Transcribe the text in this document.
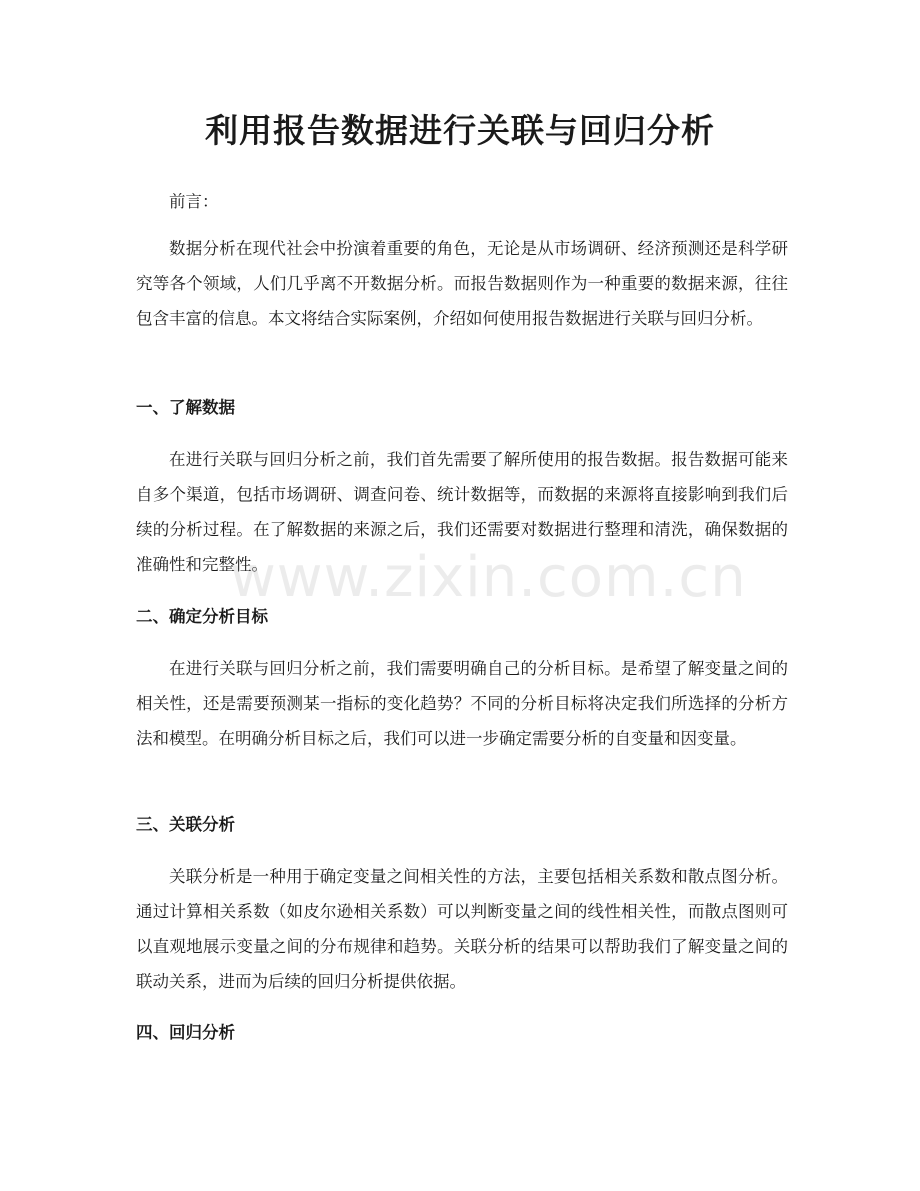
利用报告数据进行关联与回归分析

前言：

数据分析在现代社会中扮演着重要的角色，无论是从市场调研、经济预测还是科学研究等各个领域，人们几乎离不开数据分析。而报告数据则作为一种重要的数据来源，往往包含丰富的信息。本文将结合实际案例，介绍如何使用报告数据进行关联与回归分析。

一、了解数据

在进行关联与回归分析之前，我们首先需要了解所使用的报告数据。报告数据可能来自多个渠道，包括市场调研、调查问卷、统计数据等，而数据的来源将直接影响到我们后续的分析过程。在了解数据的来源之后，我们还需要对数据进行整理和清洗，确保数据的准确性和完整性。

二、确定分析目标

在进行关联与回归分析之前，我们需要明确自己的分析目标。是希望了解变量之间的相关性，还是需要预测某一指标的变化趋势？不同的分析目标将决定我们所选择的分析方法和模型。在明确分析目标之后，我们可以进一步确定需要分析的自变量和因变量。

三、关联分析

关联分析是一种用于确定变量之间相关性的方法，主要包括相关系数和散点图分析。通过计算相关系数（如皮尔逊相关系数）可以判断变量之间的线性相关性，而散点图则可以直观地展示变量之间的分布规律和趋势。关联分析的结果可以帮助我们了解变量之间的联动关系，进而为后续的回归分析提供依据。

四、回归分析
www.zixin.com.cn
